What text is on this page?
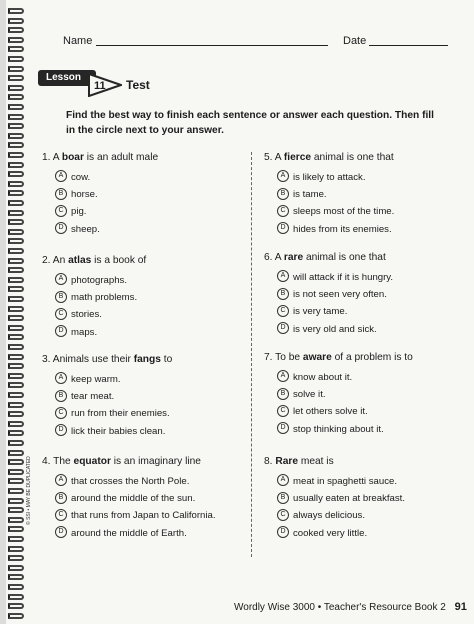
Name	Date
Lesson
11 Test
Find the best way to finish each sentence or answer each question. Then fill in the circle next to your answer.
1. A boar is an adult male
A cow.
B horse.
C pig.
D sheep.
2. An atlas is a book of
A photographs.
B math problems.
C stories.
D maps.
3. Animals use their fangs to
A keep warm.
B tear meat.
C run from their enemies.
D lick their babies clean.
4. The equator is an imaginary line
A that crosses the North Pole.
B around the middle of the sun.
C that runs from Japan to California.
D around the middle of Earth.
5. A fierce animal is one that
A is likely to attack.
B is tame.
C sleeps most of the time.
D hides from its enemies.
6. A rare animal is one that
A will attack if it is hungry.
B is not seen very often.
C is very tame.
D is very old and sick.
7. To be aware of a problem is to
A know about it.
B solve it.
C let others solve it.
D stop thinking about it.
8. Rare meat is
A meat in spaghetti sauce.
B usually eaten at breakfast.
C always delicious.
D cooked very little.
© SSI • MAY BE DUPLICATED
Wordly Wise 3000 • Teacher's Resource Book 2 91
